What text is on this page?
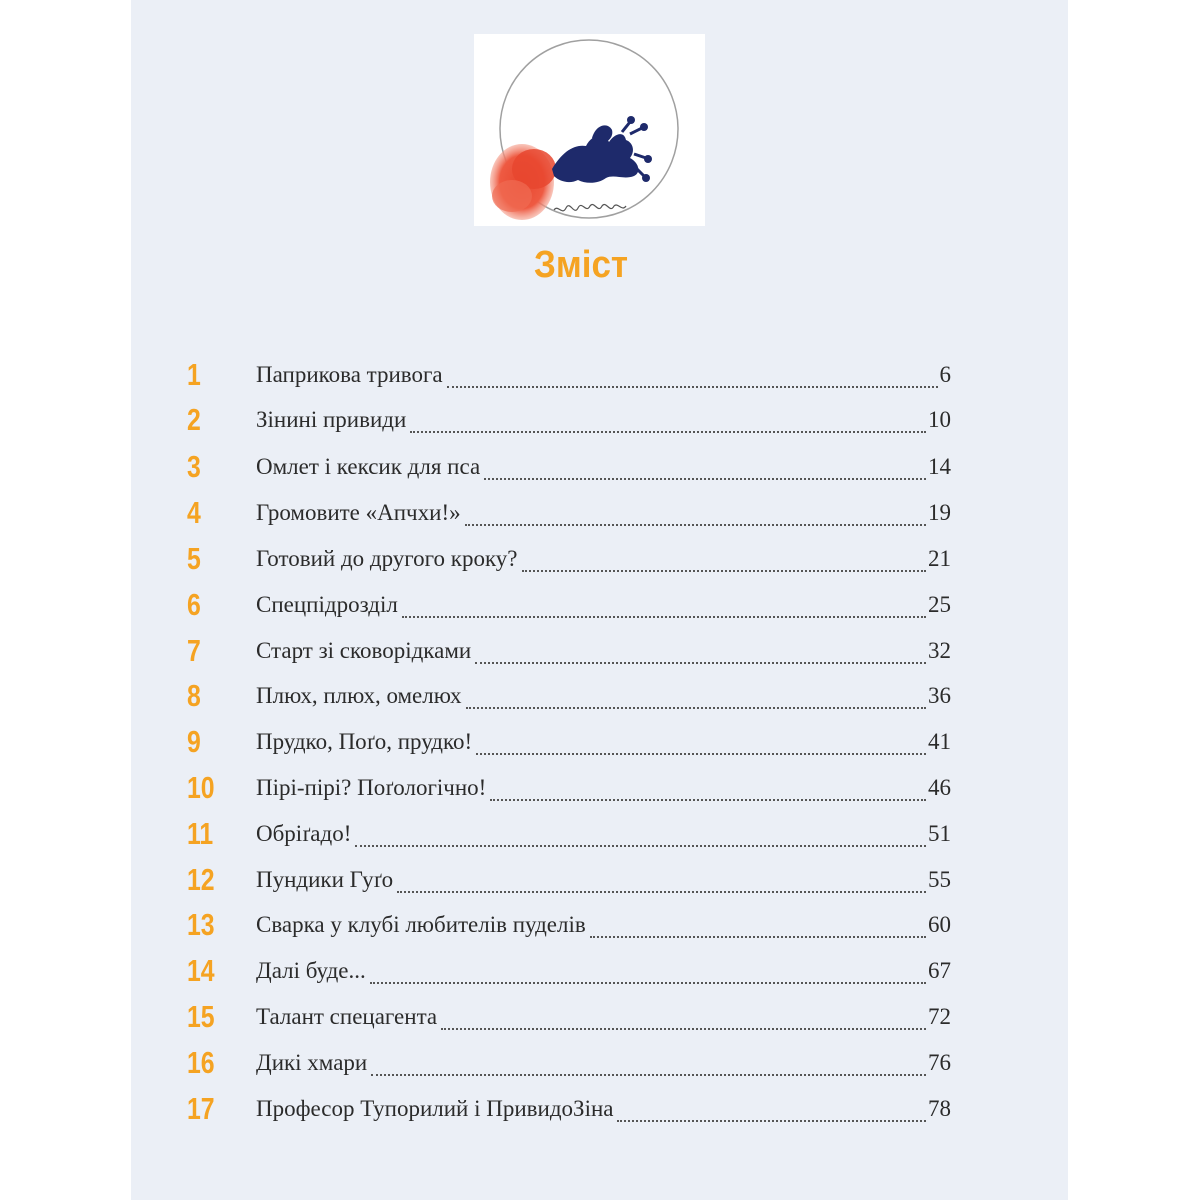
Зміст
1	Паприкова тривога	6
2	Зінині привиди	10
3	Омлет і кексик для пса	14
4	Громовите «Апчхи!»	19
5	Готовий до другого кроку?	21
6	Спецпідрозділ	25
7	Старт зі сковорідками	32
8	Плюх, плюх, омелюх	36
9	Прудко, Поґо, прудко!	41
10	Пірі-пірі? Поґологічно!	46
11	Обріґадо!	51
12	Пундики Гуґо	55
13	Сварка у клубі любителів пуделів	60
14	Далі буде...	67
15	Талант спецагента	72
16	Дикі хмари	76
17	Професор Тупорилий і ПривидоЗіна	78
